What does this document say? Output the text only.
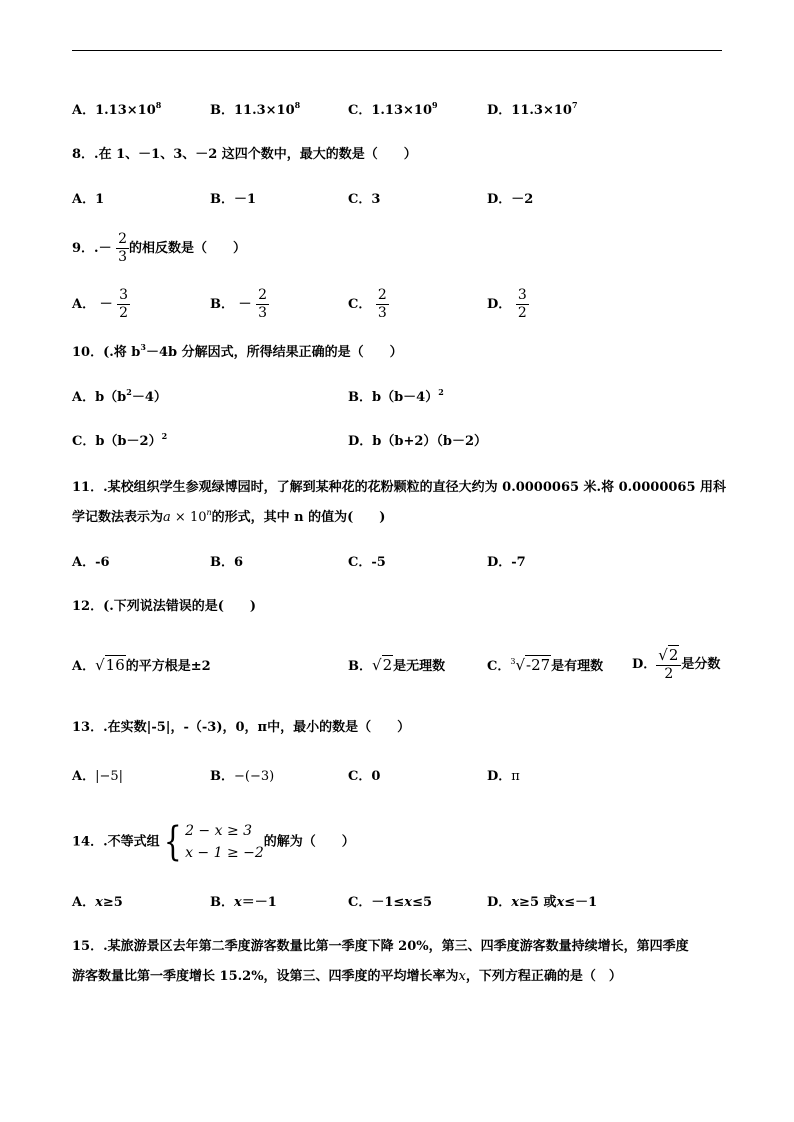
A．$1.13\times 10^8$	B．$11.3\times 10^8$	C．$1.13\times 10^9$	D．$11.3\times 10^7$
8．.在 1、－1、3、－2 这四个数中，最大的数是（　　）
A．1	B．－1	C．3	D．－2
9．.－ $\frac{2}{3}$ 的相反数是（　　）
A． － $\frac{3}{2}$	B． － $\frac{2}{3}$	C． $\frac{2}{3}$	D． $\frac{3}{2}$
10．(.将 $b^3-4b$ 分解因式，所得结果正确的是（　　）
A．$b(b^2-4)$	B．$b(b-4)^2$
C．$b(b-2)^2$	D．b（b+2）（b－2）
11．.某校组织学生参观绿博园时，了解到某种花的花粉颗粒的直径大约为 0.0000065 米.将 0.0000065 用科
学记数法表示为$a \times 10^n$的形式，其中 n 的值为(　　)
A．-6	B．6	C．-5	D．-7
12．(.下列说法错误的是(　　)
A．√16的平方根是±2	B．√2是无理数	C．$^3$√-27是有理数 D． $\frac{√2}{2}$ 是分数
13．.在实数|-5|，-（-3)，0，π中，最小的数是（　　）
A．|−5|	B．−(−3)	C．0	D．π
14．.不等式组{ 2 − x ≥ 3
x − 1 ≥ −2
的解为（　　）
A．x≥5	B．x＝－1	C．－1≤x≤5	D．x≥5 或x≤－1
15．.某旅游景区去年第二季度游客数量比第一季度下降 20%，第三、四季度游客数量持续增长，第四季度
游客数量比第一季度增长 15.2%，设第三、四季度的平均增长率为x，下列方程正确的是（　）
